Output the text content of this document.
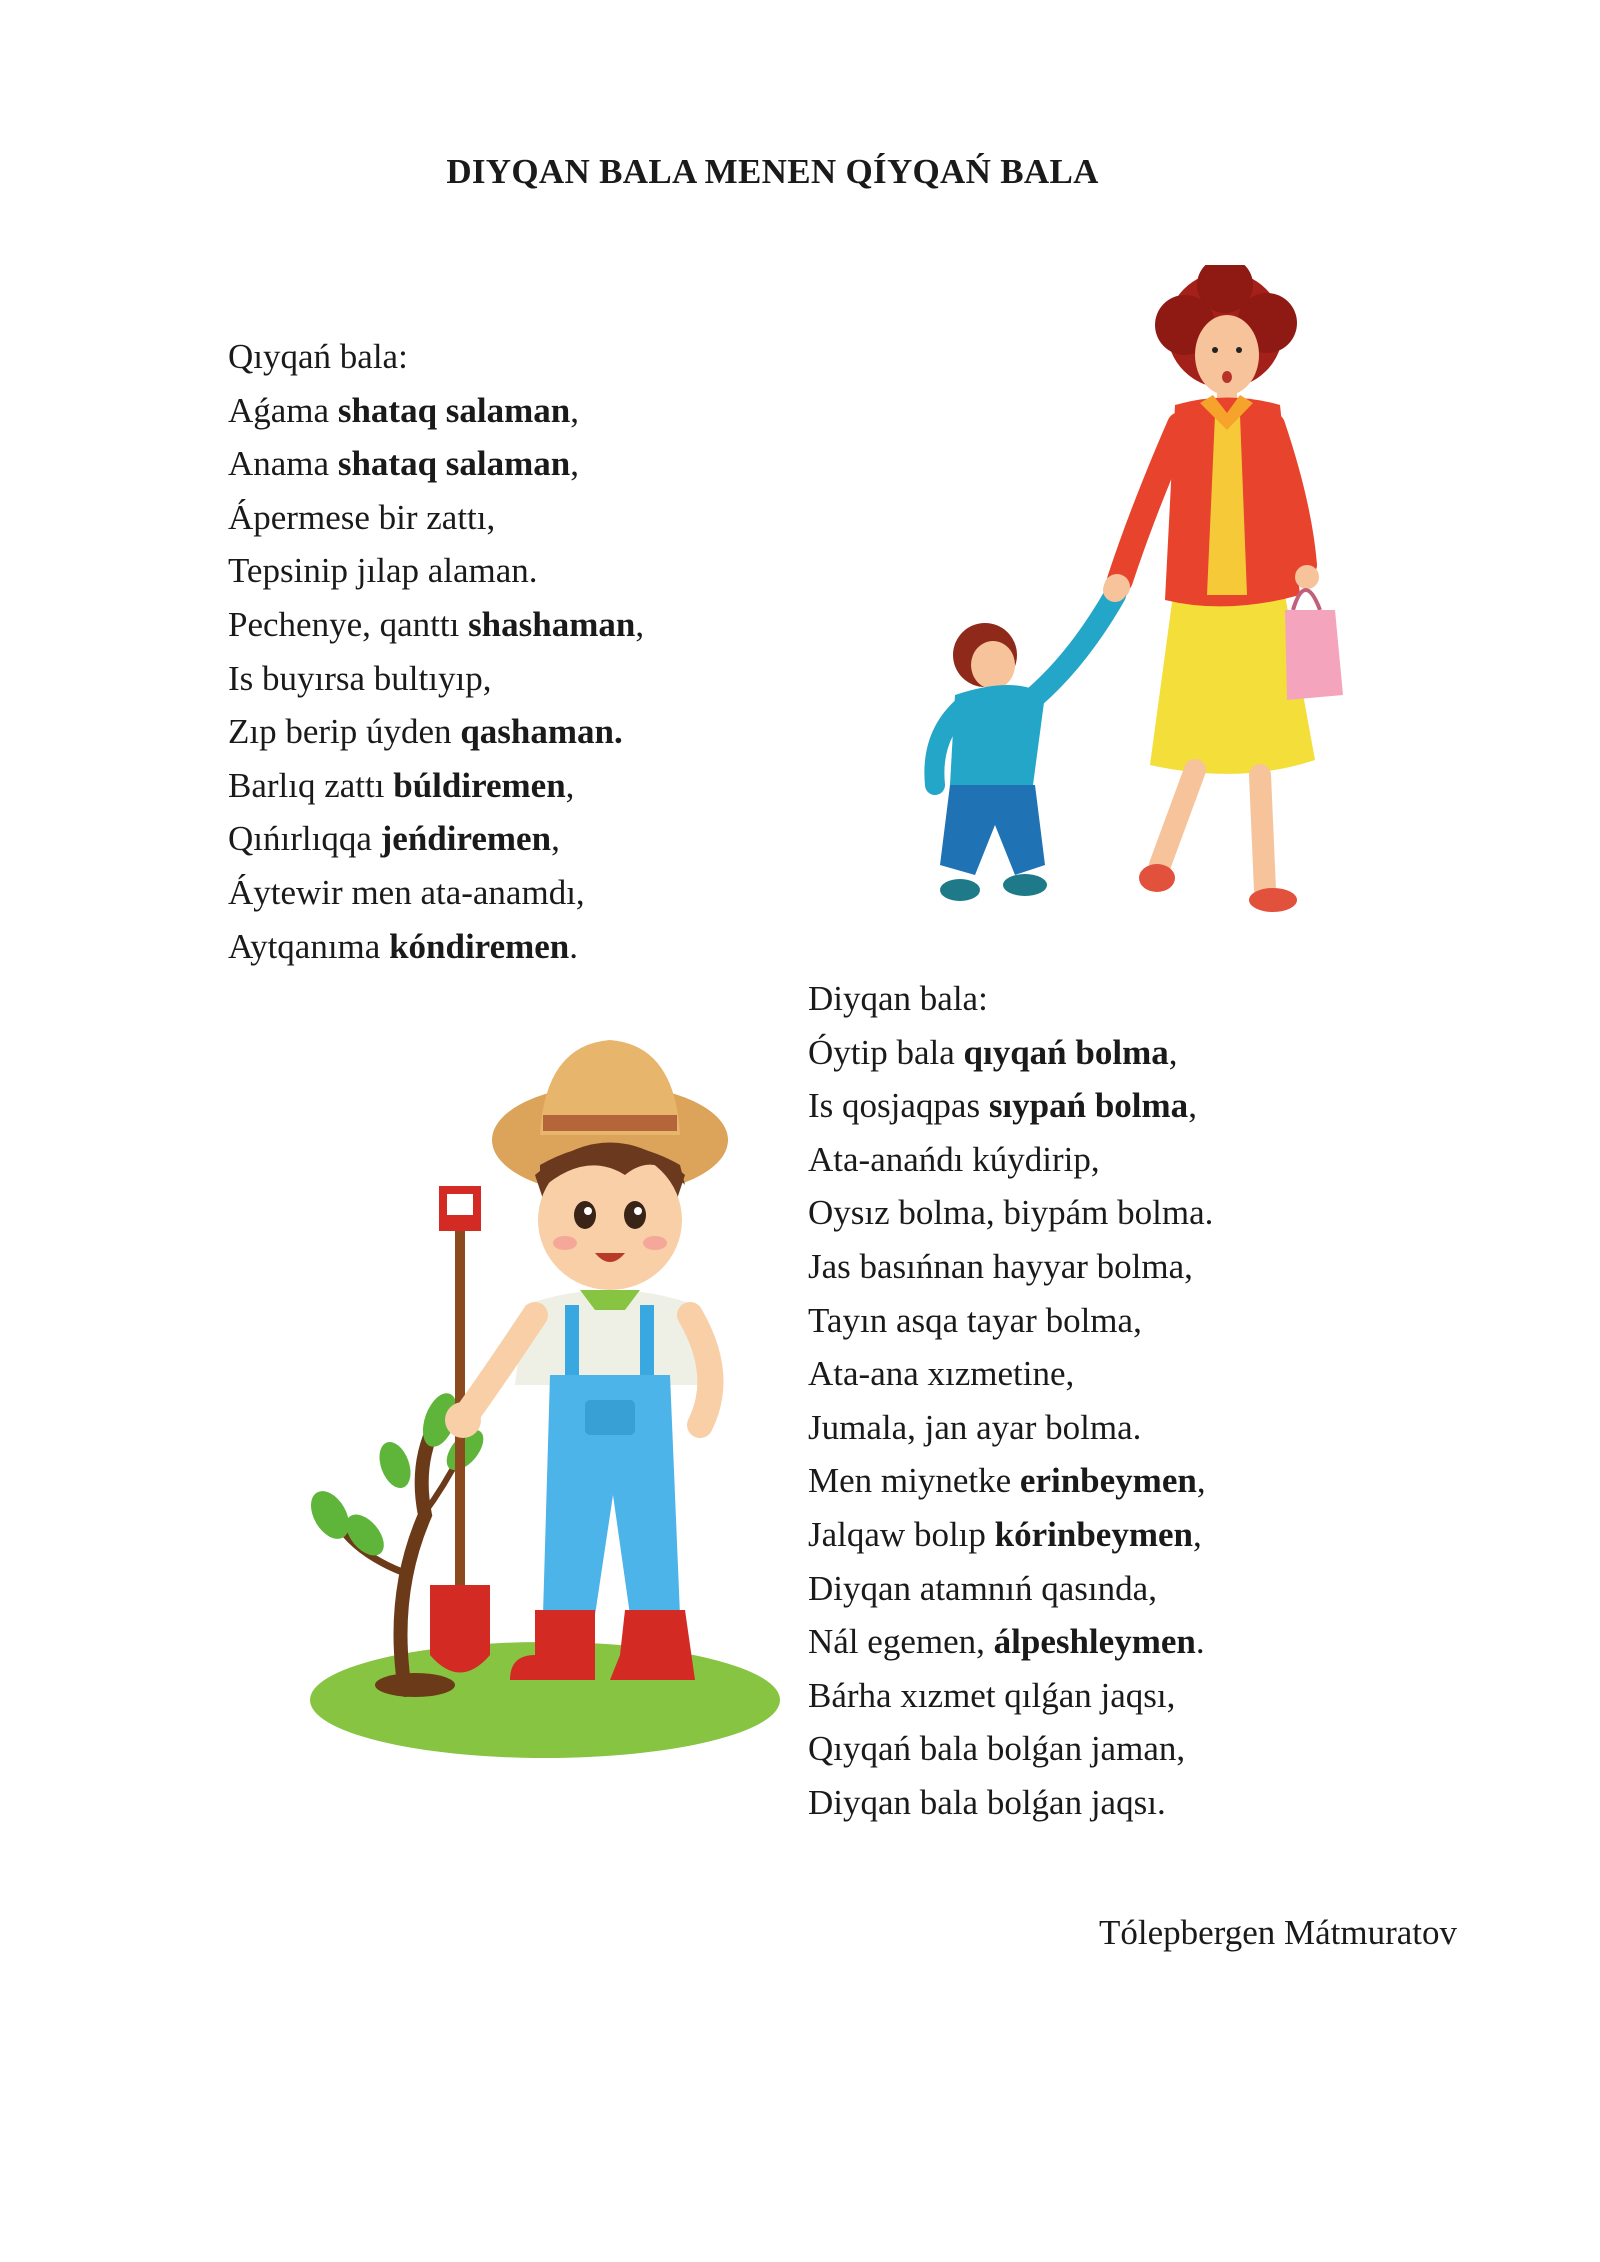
DIYQAN BALA MENEN QÍYQAŃ BALA
Qıyqań bala:
Aǵama shataq salaman,
Anama shataq salaman,
Ápermese bir zattı,
Tepsinip jılap alaman.
Pechenye, qanttı shashaman,
Is buyırsa bultıyıp,
Zıp berip úyden qashaman.
Barlıq zattı búldiremen,
Qıńırlıqqa jeńdiremen,
Áytewir men ata-anamdı,
Aytqanıma kóndiremen.
Diyqan bala:
Óytip bala qıyqań bolma,
Is qosjaqpas sıypań bolma,
Ata-anańdı kúydirip,
Oysız bolma, biypám bolma.
Jas basıńnan hayyar bolma,
Tayın asqa tayar bolma,
Ata-ana xızmetine,
Jumala, jan ayar bolma.
Men miynetke erinbeymen,
Jalqaw bolıp kórinbeymen,
Diyqan atamnıń qasında,
Nál egemen, álpeshleymen.
Bárha xızmet qılǵan jaqsı,
Qıyqań bala bolǵan jaman,
Diyqan bala bolǵan jaqsı.
Tólepbergen Mátmuratov
